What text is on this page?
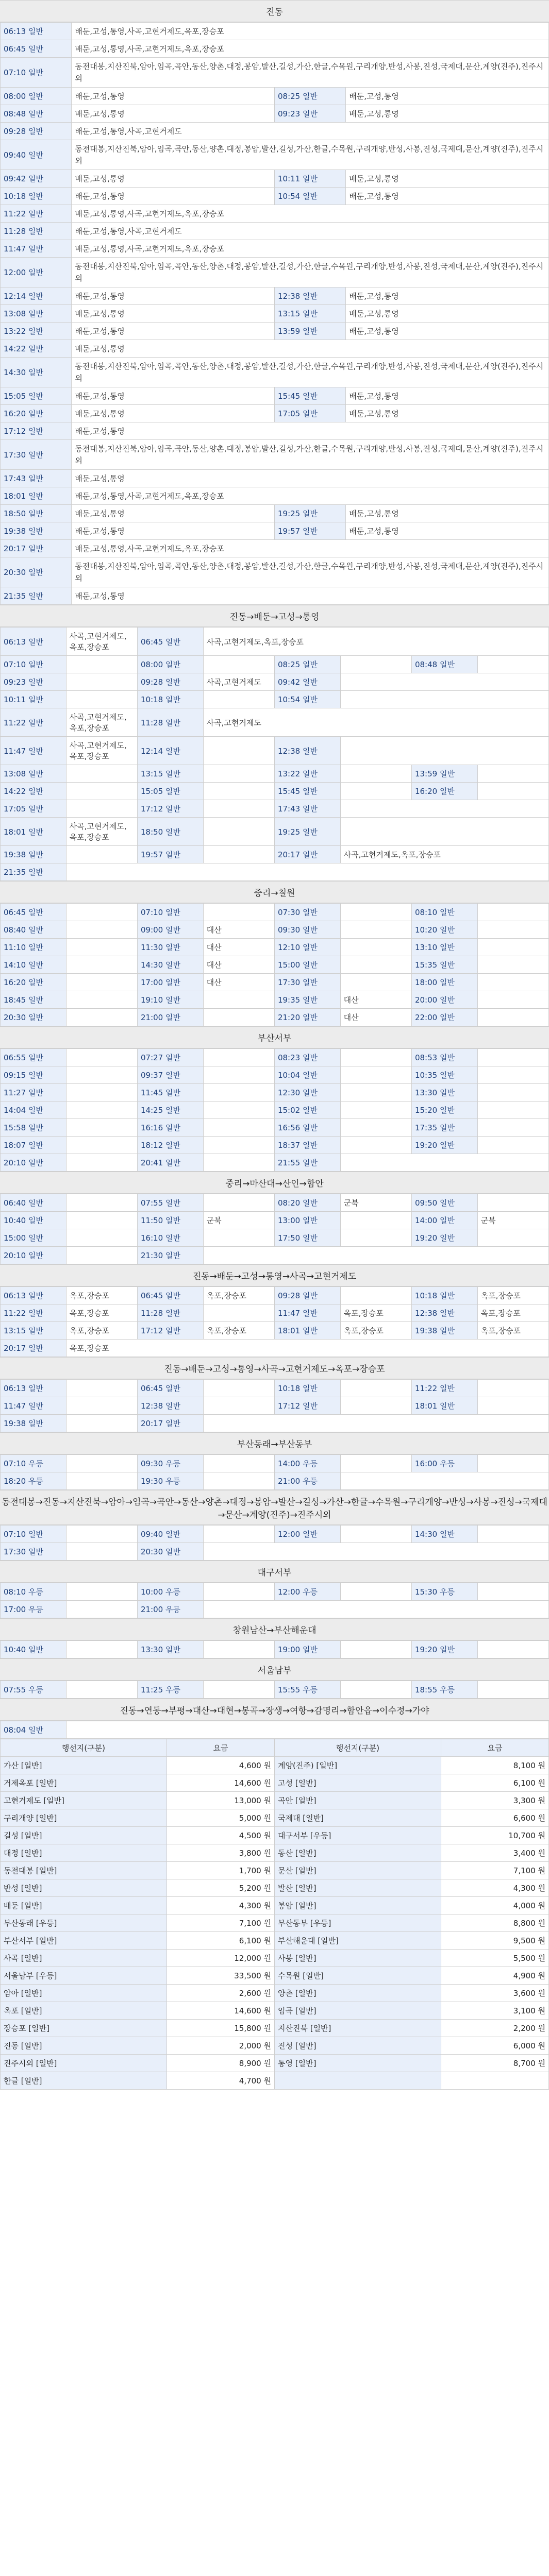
진동
06:13 일반	배둔,고성,통영,사곡,고현거제도,옥포,장승포		
06:45 일반	배둔,고성,통영,사곡,고현거제도,옥포,장승포		
07:10 일반	동전대봉,지산진북,암아,임곡,곡안,동산,양촌,대정,봉암,발산,길성,가산,한글,수목원,구리개양,반성,사봉,진성,국제대,문산,계양(진주),진주시외		
08:00 일반	배둔,고성,통영	08:25 일반	배둔,고성,통영
08:48 일반	배둔,고성,통영	09:23 일반	배둔,고성,통영
09:28 일반	배둔,고성,통영,사곡,고현거제도		
09:40 일반	동전대봉,지산진북,암아,임곡,곡안,동산,양촌,대정,봉암,발산,길성,가산,한글,수목원,구리개양,반성,사봉,진성,국제대,문산,계양(진주),진주시외		
09:42 일반	배둔,고성,통영	10:11 일반	배둔,고성,통영
10:18 일반	배둔,고성,통영	10:54 일반	배둔,고성,통영
11:22 일반	배둔,고성,통영,사곡,고현거제도,옥포,장승포		
11:28 일반	배둔,고성,통영,사곡,고현거제도		
11:47 일반	배둔,고성,통영,사곡,고현거제도,옥포,장승포		
12:00 일반	동전대봉,지산진북,암아,임곡,곡안,동산,양촌,대정,봉암,발산,길성,가산,한글,수목원,구리개양,반성,사봉,진성,국제대,문산,계양(진주),진주시외		
12:14 일반	배둔,고성,통영	12:38 일반	배둔,고성,통영
13:08 일반	배둔,고성,통영	13:15 일반	배둔,고성,통영
13:22 일반	배둔,고성,통영	13:59 일반	배둔,고성,통영
14:22 일반	배둔,고성,통영		
14:30 일반	동전대봉,지산진북,암아,임곡,곡안,동산,양촌,대정,봉암,발산,길성,가산,한글,수목원,구리개양,반성,사봉,진성,국제대,문산,계양(진주),진주시외		
15:05 일반	배둔,고성,통영	15:45 일반	배둔,고성,통영
16:20 일반	배둔,고성,통영	17:05 일반	배둔,고성,통영
17:12 일반	배둔,고성,통영		
17:30 일반	동전대봉,지산진북,암아,임곡,곡안,동산,양촌,대정,봉암,발산,길성,가산,한글,수목원,구리개양,반성,사봉,진성,국제대,문산,계양(진주),진주시외		
17:43 일반	배둔,고성,통영		
18:01 일반	배둔,고성,통영,사곡,고현거제도,옥포,장승포		
18:50 일반	배둔,고성,통영	19:25 일반	배둔,고성,통영
19:38 일반	배둔,고성,통영	19:57 일반	배둔,고성,통영
20:17 일반	배둔,고성,통영,사곡,고현거제도,옥포,장승포		
20:30 일반	동전대봉,지산진북,암아,임곡,곡안,동산,양촌,대정,봉암,발산,길성,가산,한글,수목원,구리개양,반성,사봉,진성,국제대,문산,계양(진주),진주시외		
21:35 일반	배둔,고성,통영		
진동→배둔→고성→통영
06:13 일반	사곡,고현거제도,옥포,장승포	06:45 일반	사곡,고현거제도,옥포,장승포				
07:10 일반		08:00 일반		08:25 일반		08:48 일반	
09:23 일반		09:28 일반	사곡,고현거제도	09:42 일반			
10:11 일반		10:18 일반		10:54 일반			
11:22 일반	사곡,고현거제도,옥포,장승포	11:28 일반	사곡,고현거제도				
11:47 일반	사곡,고현거제도,옥포,장승포	12:14 일반		12:38 일반			
13:08 일반		13:15 일반		13:22 일반		13:59 일반	
14:22 일반		15:05 일반		15:45 일반		16:20 일반	
17:05 일반		17:12 일반		17:43 일반			
18:01 일반	사곡,고현거제도,옥포,장승포	18:50 일반		19:25 일반			
19:38 일반		19:57 일반		20:17 일반	사곡,고현거제도,옥포,장승포		
21:35 일반							
중리→칠원
06:45 일반		07:10 일반		07:30 일반		08:10 일반	
08:40 일반		09:00 일반	대산	09:30 일반		10:20 일반	
11:10 일반		11:30 일반	대산	12:10 일반		13:10 일반	
14:10 일반		14:30 일반	대산	15:00 일반		15:35 일반	
16:20 일반		17:00 일반	대산	17:30 일반		18:00 일반	
18:45 일반		19:10 일반		19:35 일반	대산	20:00 일반	
20:30 일반		21:00 일반		21:20 일반	대산	22:00 일반	
부산서부
06:55 일반		07:27 일반		08:23 일반		08:53 일반	
09:15 일반		09:37 일반		10:04 일반		10:35 일반	
11:27 일반		11:45 일반		12:30 일반		13:30 일반	
14:04 일반		14:25 일반		15:02 일반		15:20 일반	
15:58 일반		16:16 일반		16:56 일반		17:35 일반	
18:07 일반		18:12 일반		18:37 일반		19:20 일반	
20:10 일반		20:41 일반		21:55 일반			
중리→마산대→산인→함안
06:40 일반		07:55 일반		08:20 일반	군북	09:50 일반	
10:40 일반		11:50 일반	군북	13:00 일반		14:00 일반	군북
15:00 일반		16:10 일반		17:50 일반		19:20 일반	
20:10 일반		21:30 일반					
진동→배둔→고성→통영→사곡→고현거제도
06:13 일반	옥포,장승포	06:45 일반	옥포,장승포	09:28 일반		10:18 일반	옥포,장승포
11:22 일반	옥포,장승포	11:28 일반		11:47 일반	옥포,장승포	12:38 일반	옥포,장승포
13:15 일반	옥포,장승포	17:12 일반	옥포,장승포	18:01 일반	옥포,장승포	19:38 일반	옥포,장승포
20:17 일반	옥포,장승포						
진동→배둔→고성→통영→사곡→고현거제도→옥포→장승포
06:13 일반		06:45 일반		10:18 일반		11:22 일반	
11:47 일반		12:38 일반		17:12 일반		18:01 일반	
19:38 일반		20:17 일반					
부산동래→부산동부
07:10 우등		09:30 우등		14:00 우등		16:00 우등	
18:20 우등		19:30 우등		21:00 우등			
동전대봉→진동→지산진북→암아→임곡→곡안→동산→양촌→대정→봉암→발산→길성→가산→한글→수목원→구리개양→반성→사봉→진성→국제대→문산→계양(진주)→진주시외
07:10 일반		09:40 일반		12:00 일반		14:30 일반	
17:30 일반		20:30 일반					
대구서부
08:10 우등		10:00 우등		12:00 우등		15:30 우등	
17:00 우등		21:00 우등					
창원남산→부산해운대
10:40 일반		13:30 일반		19:00 일반		19:20 일반	
서울남부
07:55 우등		11:25 우등		15:55 우등		18:55 우등	
진동→연동→부평→대산→대현→봉곡→장생→여항→감명리→함안읍→이수정→가야
08:04 일반	
행선지(구분)	요금	행선지(구분)	요금
가산 [일반]	4,600 원	계양(진주) [일반]	8,100 원
거제옥포 [일반]	14,600 원	고성 [일반]	6,100 원
고현거제도 [일반]	13,000 원	곡안 [일반]	3,300 원
구리개양 [일반]	5,000 원	국제대 [일반]	6,600 원
길성 [일반]	4,500 원	대구서부 [우등]	10,700 원
대정 [일반]	3,800 원	동산 [일반]	3,400 원
동전대봉 [일반]	1,700 원	문산 [일반]	7,100 원
반성 [일반]	5,200 원	발산 [일반]	4,300 원
배둔 [일반]	4,300 원	봉암 [일반]	4,000 원
부산동래 [우등]	7,100 원	부산동부 [우등]	8,800 원
부산서부 [일반]	6,100 원	부산해운대 [일반]	9,500 원
사곡 [일반]	12,000 원	사봉 [일반]	5,500 원
서울남부 [우등]	33,500 원	수목원 [일반]	4,900 원
암아 [일반]	2,600 원	양촌 [일반]	3,600 원
옥포 [일반]	14,600 원	임곡 [일반]	3,100 원
장승포 [일반]	15,800 원	지산진북 [일반]	2,200 원
진동 [일반]	2,000 원	진성 [일반]	6,000 원
진주시외 [일반]	8,900 원	통영 [일반]	8,700 원
한글 [일반]	4,700 원		
